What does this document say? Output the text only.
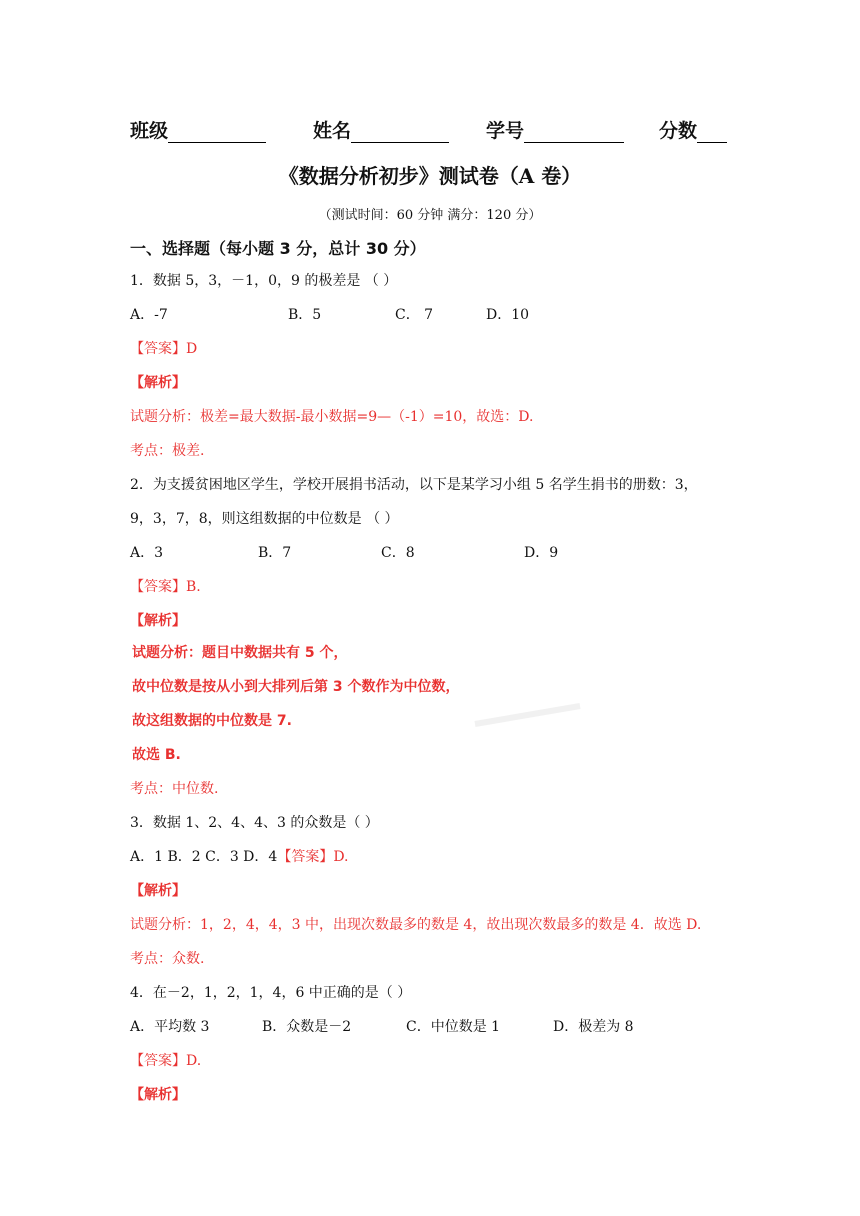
班级	姓名	学号	分数
《数据分析初步》测试卷（A 卷）
（测试时间：60 分钟 满分：120 分）
一、选择题（每小题 3 分，总计 30 分）
1．数据 5，3，－1，0，9 的极差是 （ ）
A．-7	B．5	C． 7	D．10
【答案】D
【解析】
试题分析：极差=最大数据-最小数据=9—（-1）=10，故选：D.
考点：极差.
2．为支援贫困地区学生，学校开展捐书活动，以下是某学习小组 5 名学生捐书的册数：3，
9，3，7，8，则这组数据的中位数是 （ ）
A．3	B．7	C．8	D．9
【答案】B.
【解析】
试题分析：题目中数据共有 5 个，
故中位数是按从小到大排列后第 3 个数作为中位数，
故这组数据的中位数是 7.
故选 B.
考点：中位数.
3．数据 1、2、4、4、3 的众数是（ ）
A．1 B．2 C．3 D．4【答案】D.
【解析】
试题分析：1，2，4，4，3 中，出现次数最多的数是 4，故出现次数最多的数是 4．故选 D.
考点：众数.
4．在－2，1，2，1，4，6 中正确的是（ ）
A．平均数 3	B．众数是－2	C．中位数是 1	D．极差为 8
【答案】D.
【解析】
